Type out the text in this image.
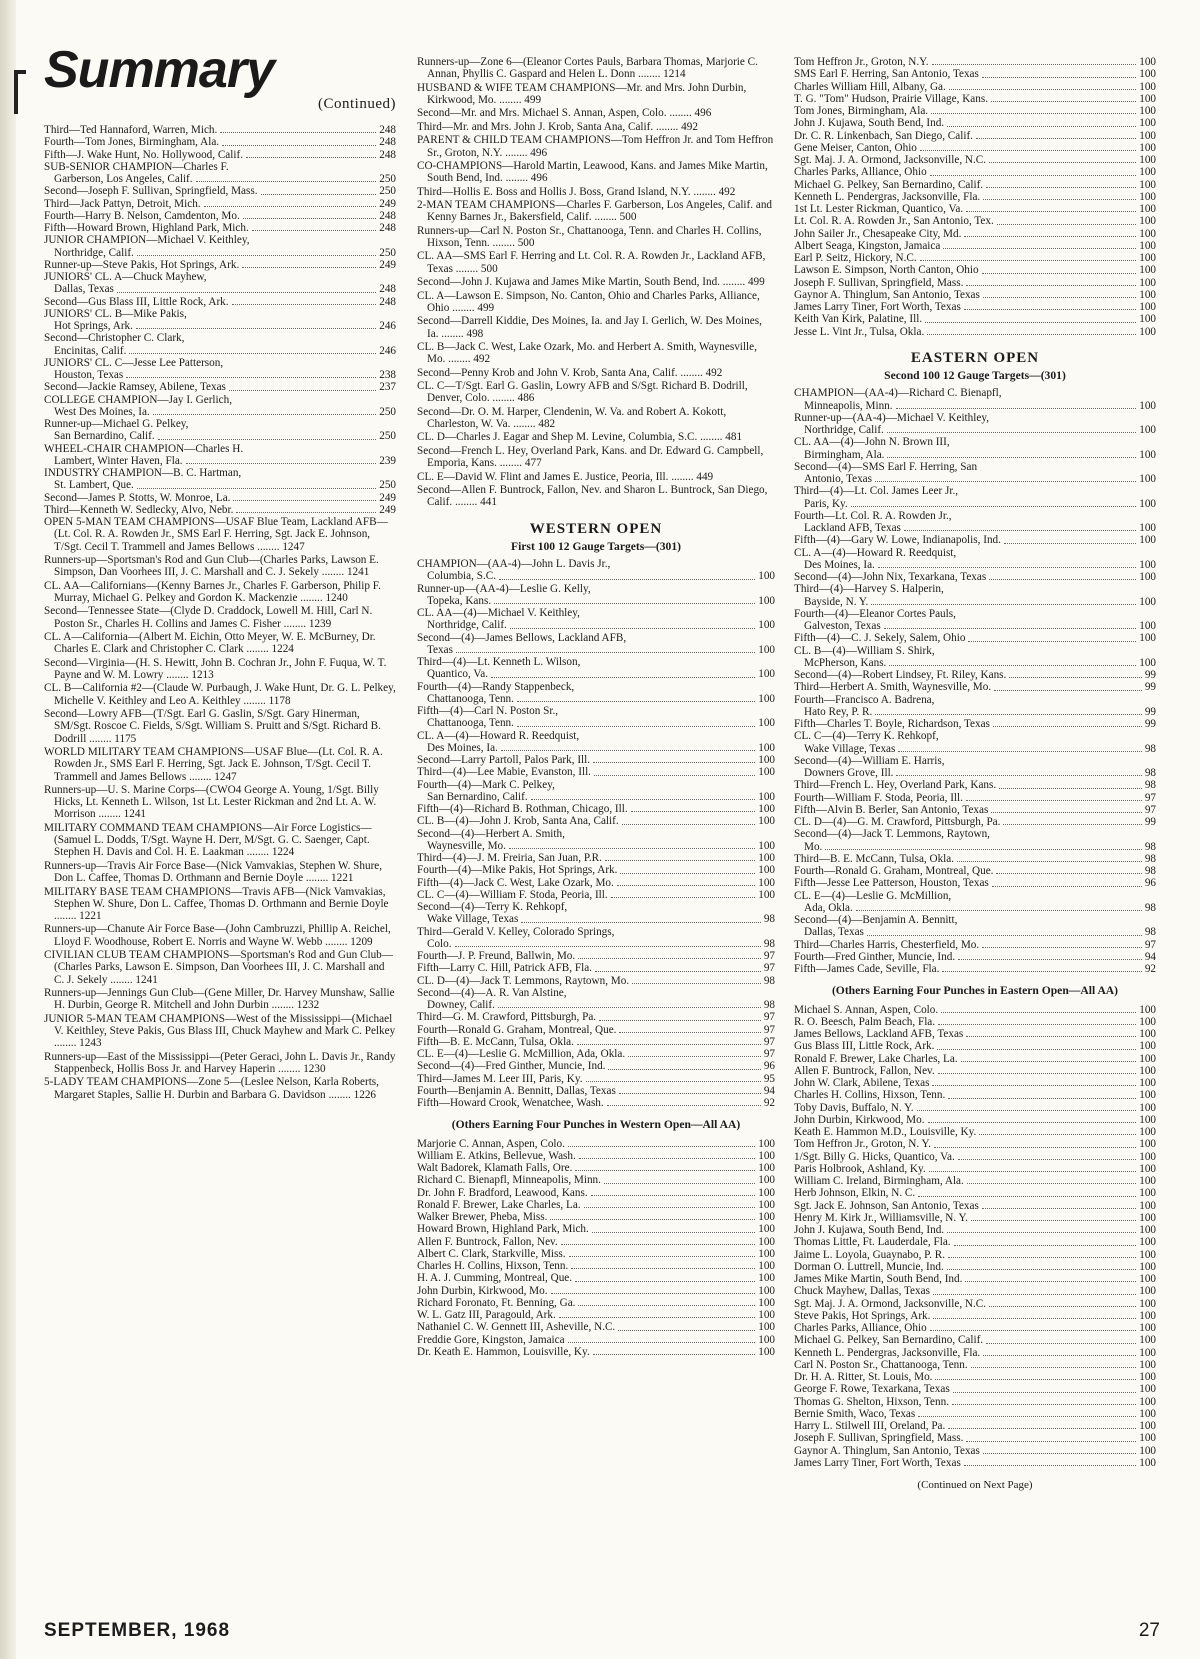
Summary
(Continued)
Third—Ted Hannaford, Warren, Mich.	248
Fourth—Tom Jones, Birmingham, Ala.	248
Fifth—J. Wake Hunt, No. Hollywood, Calif.	248
SUB-SENIOR CHAMPION—Charles F.
Garberson, Los Angeles, Calif.	250
Second—Joseph F. Sullivan, Springfield, Mass.	250
Third—Jack Pattyn, Detroit, Mich.	249
Fourth—Harry B. Nelson, Camdenton, Mo.	248
Fifth—Howard Brown, Highland Park, Mich.	248
JUNIOR CHAMPION—Michael V. Keithley,
Northridge, Calif.	250
Runner-up—Steve Pakis, Hot Springs, Ark.	249
JUNIORS' CL. A—Chuck Mayhew,
Dallas, Texas	248
Second—Gus Blass III, Little Rock, Ark.	248
JUNIORS' CL. B—Mike Pakis,
Hot Springs, Ark.	246
Second—Christopher C. Clark,
Encinitas, Calif.	246
JUNIORS' CL. C—Jesse Lee Patterson,
Houston, Texas	238
Second—Jackie Ramsey, Abilene, Texas	237
COLLEGE CHAMPION—Jay I. Gerlich,
West Des Moines, Ia.	250
Runner-up—Michael G. Pelkey,
San Bernardino, Calif.	250
WHEEL-CHAIR CHAMPION—Charles H.
Lambert, Winter Haven, Fla.	239
INDUSTRY CHAMPION—B. C. Hartman,
St. Lambert, Que.	250
Second—James P. Stotts, W. Monroe, La.	249
Third—Kenneth W. Sedlecky, Alvo, Nebr.	249

OPEN 5-MAN TEAM CHAMPIONS—USAF Blue Team, Lackland AFB—(Lt. Col. R. A. Rowden Jr., SMS Earl F. Herring, Sgt. Jack E. Johnson, T/Sgt. Cecil T. Trammell and James Bellows ........ 1247

Runners-up—Sportsman's Rod and Gun Club—(Charles Parks, Lawson E. Simpson, Dan Voorhees III, J. C. Marshall and C. J. Sekely ........ 1241

CL. AA—Californians—(Kenny Barnes Jr., Charles F. Garberson, Philip F. Murray, Michael G. Pelkey and Gordon K. Mackenzie ........ 1240

Second—Tennessee State—(Clyde D. Craddock, Lowell M. Hill, Carl N. Poston Sr., Charles H. Collins and James C. Fisher ........ 1239

CL. A—California—(Albert M. Eichin, Otto Meyer, W. E. McBurney, Dr. Charles E. Clark and Christopher C. Clark ........ 1224

Second—Virginia—(H. S. Hewitt, John B. Cochran Jr., John F. Fuqua, W. T. Payne and W. M. Lowry ........ 1213

CL. B—California #2—(Claude W. Purbaugh, J. Wake Hunt, Dr. G. L. Pelkey, Michelle V. Keithley and Leo A. Keithley ........ 1178

Second—Lowry AFB—(T/Sgt. Earl G. Gaslin, S/Sgt. Gary Hinerman, SM/Sgt. Roscoe C. Fields, S/Sgt. William S. Pruitt and S/Sgt. Richard B. Dodrill ........ 1175

WORLD MILITARY TEAM CHAMPIONS—USAF Blue—(Lt. Col. R. A. Rowden Jr., SMS Earl F. Herring, Sgt. Jack E. Johnson, T/Sgt. Cecil T. Trammell and James Bellows ........ 1247

Runners-up—U. S. Marine Corps—(CWO4 George A. Young, 1/Sgt. Billy Hicks, Lt. Kenneth L. Wilson, 1st Lt. Lester Rickman and 2nd Lt. A. W. Morrison ........ 1241

MILITARY COMMAND TEAM CHAMPIONS—Air Force Logistics—(Samuel L. Dodds, T/Sgt. Wayne H. Derr, M/Sgt. G. C. Saenger, Capt. Stephen H. Davis and Col. H. E. Laakman ........ 1224

Runners-up—Travis Air Force Base—(Nick Vamvakias, Stephen W. Shure, Don L. Caffee, Thomas D. Orthmann and Bernie Doyle ........ 1221

MILITARY BASE TEAM CHAMPIONS—Travis AFB—(Nick Vamvakias, Stephen W. Shure, Don L. Caffee, Thomas D. Orthmann and Bernie Doyle ........ 1221

Runners-up—Chanute Air Force Base—(John Cambruzzi, Phillip A. Reichel, Lloyd F. Woodhouse, Robert E. Norris and Wayne W. Webb ........ 1209

CIVILIAN CLUB TEAM CHAMPIONS—Sportsman's Rod and Gun Club—(Charles Parks, Lawson E. Simpson, Dan Voorhees III, J. C. Marshall and C. J. Sekely ........ 1241

Runners-up—Jennings Gun Club—(Gene Miller, Dr. Harvey Munshaw, Sallie H. Durbin, George R. Mitchell and John Durbin ........ 1232

JUNIOR 5-MAN TEAM CHAMPIONS—West of the Mississippi—(Michael V. Keithley, Steve Pakis, Gus Blass III, Chuck Mayhew and Mark C. Pelkey ........ 1243

Runners-up—East of the Mississippi—(Peter Geraci, John L. Davis Jr., Randy Stappenbeck, Hollis Boss Jr. and Harvey Haperin ........ 1230

5-LADY TEAM CHAMPIONS—Zone 5—(Leslee Nelson, Karla Roberts, Margaret Staples, Sallie H. Durbin and Barbara G. Davidson ........ 1226

Runners-up—Zone 6—(Eleanor Cortes Pauls, Barbara Thomas, Marjorie C. Annan, Phyllis C. Gaspard and Helen L. Donn ........ 1214

HUSBAND & WIFE TEAM CHAMPIONS—Mr. and Mrs. John Durbin, Kirkwood, Mo. ........ 499

Second—Mr. and Mrs. Michael S. Annan, Aspen, Colo. ........ 496

Third—Mr. and Mrs. John J. Krob, Santa Ana, Calif. ........ 492

PARENT & CHILD TEAM CHAMPIONS—Tom Heffron Jr. and Tom Heffron Sr., Groton, N.Y. ........ 496

CO-CHAMPIONS—Harold Martin, Leawood, Kans. and James Mike Martin, South Bend, Ind. ........ 496

Third—Hollis E. Boss and Hollis J. Boss, Grand Island, N.Y. ........ 492

2-MAN TEAM CHAMPIONS—Charles F. Garberson, Los Angeles, Calif. and Kenny Barnes Jr., Bakersfield, Calif. ........ 500

Runners-up—Carl N. Poston Sr., Chattanooga, Tenn. and Charles H. Collins, Hixson, Tenn. ........ 500

CL. AA—SMS Earl F. Herring and Lt. Col. R. A. Rowden Jr., Lackland AFB, Texas ........ 500

Second—John J. Kujawa and James Mike Martin, South Bend, Ind. ........ 499

CL. A—Lawson E. Simpson, No. Canton, Ohio and Charles Parks, Alliance, Ohio ........ 499

Second—Darrell Kiddie, Des Moines, Ia. and Jay I. Gerlich, W. Des Moines, Ia. ........ 498

CL. B—Jack C. West, Lake Ozark, Mo. and Herbert A. Smith, Waynesville, Mo. ........ 492

Second—Penny Krob and John V. Krob, Santa Ana, Calif. ........ 492

CL. C—T/Sgt. Earl G. Gaslin, Lowry AFB and S/Sgt. Richard B. Dodrill, Denver, Colo. ........ 486

Second—Dr. O. M. Harper, Clendenin, W. Va. and Robert A. Kokott, Charleston, W. Va. ........ 482

CL. D—Charles J. Eagar and Shep M. Levine, Columbia, S.C. ........ 481

Second—French L. Hey, Overland Park, Kans. and Dr. Edward G. Campbell, Emporia, Kans. ........ 477

CL. E—David W. Flint and James E. Justice, Peoria, Ill. ........ 449

Second—Allen F. Buntrock, Fallon, Nev. and Sharon L. Buntrock, San Diego, Calif. ........ 441

WESTERN OPEN
First 100 12 Gauge Targets—(301)
CHAMPION—(AA-4)—John L. Davis Jr.,
Columbia, S.C.	100
Runner-up—(AA-4)—Leslie G. Kelly,
Topeka, Kans.	100
CL. AA—(4)—Michael V. Keithley,
Northridge, Calif.	100
Second—(4)—James Bellows, Lackland AFB,
Texas	100
Third—(4)—Lt. Kenneth L. Wilson,
Quantico, Va.	100
Fourth—(4)—Randy Stappenbeck,
Chattanooga, Tenn.	100
Fifth—(4)—Carl N. Poston Sr.,
Chattanooga, Tenn.	100
CL. A—(4)—Howard R. Reedquist,
Des Moines, Ia.	100
Second—Larry Partoll, Palos Park, Ill.	100
Third—(4)—Lee Mabie, Evanston, Ill.	100
Fourth—(4)—Mark C. Pelkey,
San Bernardino, Calif.	100
Fifth—(4)—Richard B. Rothman, Chicago, Ill.	100
CL. B—(4)—John J. Krob, Santa Ana, Calif.	100
Second—(4)—Herbert A. Smith,
Waynesville, Mo.	100
Third—(4)—J. M. Freiria, San Juan, P.R.	100
Fourth—(4)—Mike Pakis, Hot Springs, Ark.	100
Fifth—(4)—Jack C. West, Lake Ozark, Mo.	100
CL. C—(4)—William F. Stoda, Peoria, Ill.	100
Second—(4)—Terry K. Rehkopf,
Wake Village, Texas	98
Third—Gerald V. Kelley, Colorado Springs,
Colo.	98
Fourth—J. P. Freund, Ballwin, Mo.	97
Fifth—Larry C. Hill, Patrick AFB, Fla.	97
CL. D—(4)—Jack T. Lemmons, Raytown, Mo.	98
Second—(4)—A. R. Van Alstine,
Downey, Calif.	98
Third—G. M. Crawford, Pittsburgh, Pa.	97
Fourth—Ronald G. Graham, Montreal, Que.	97
Fifth—B. E. McCann, Tulsa, Okla.	97
CL. E—(4)—Leslie G. McMillion, Ada, Okla.	97
Second—(4)—Fred Ginther, Muncie, Ind.	96
Third—James M. Leer III, Paris, Ky.	95
Fourth—Benjamin A. Bennitt, Dallas, Texas	94
Fifth—Howard Crook, Wenatchee, Wash.	92
(Others Earning Four Punches in Western Open—All AA)
Marjorie C. Annan, Aspen, Colo.	100
William E. Atkins, Bellevue, Wash.	100
Walt Badorek, Klamath Falls, Ore.	100
Richard C. Bienapfl, Minneapolis, Minn.	100
Dr. John F. Bradford, Leawood, Kans.	100
Ronald F. Brewer, Lake Charles, La.	100
Walker Brewer, Pheba, Miss.	100
Howard Brown, Highland Park, Mich.	100
Allen F. Buntrock, Fallon, Nev.	100
Albert C. Clark, Starkville, Miss.	100
Charles H. Collins, Hixson, Tenn.	100
H. A. J. Cumming, Montreal, Que.	100
John Durbin, Kirkwood, Mo.	100
Richard Foronato, Ft. Benning, Ga.	100
W. L. Gatz III, Paragould, Ark.	100
Nathaniel C. W. Gennett III, Asheville, N.C.	100
Freddie Gore, Kingston, Jamaica	100
Dr. Keath E. Hammon, Louisville, Ky.	100
Tom Heffron Jr., Groton, N.Y.	100
SMS Earl F. Herring, San Antonio, Texas	100
Charles William Hill, Albany, Ga.	100
T. G. "Tom" Hudson, Prairie Village, Kans.	100
Tom Jones, Birmingham, Ala.	100
John J. Kujawa, South Bend, Ind.	100
Dr. C. R. Linkenbach, San Diego, Calif.	100
Gene Meiser, Canton, Ohio	100
Sgt. Maj. J. A. Ormond, Jacksonville, N.C.	100
Charles Parks, Alliance, Ohio	100
Michael G. Pelkey, San Bernardino, Calif.	100
Kenneth L. Pendergras, Jacksonville, Fla.	100
1st Lt. Lester Rickman, Quantico, Va.	100
Lt. Col. R. A. Rowden Jr., San Antonio, Tex.	100
John Sailer Jr., Chesapeake City, Md.	100
Albert Seaga, Kingston, Jamaica	100
Earl P. Seitz, Hickory, N.C.	100
Lawson E. Simpson, North Canton, Ohio	100
Joseph F. Sullivan, Springfield, Mass.	100
Gaynor A. Thinglum, San Antonio, Texas	100
James Larry Tiner, Fort Worth, Texas	100
Keith Van Kirk, Palatine, Ill.	100
Jesse L. Vint Jr., Tulsa, Okla.	100
EASTERN OPEN
Second 100 12 Gauge Targets—(301)
CHAMPION—(AA-4)—Richard C. Bienapfl,
Minneapolis, Minn.	100
Runner-up—(AA-4)—Michael V. Keithley,
Northridge, Calif.	100
CL. AA—(4)—John N. Brown III,
Birmingham, Ala.	100
Second—(4)—SMS Earl F. Herring, San
Antonio, Texas	100
Third—(4)—Lt. Col. James Leer Jr.,
Paris, Ky.	100
Fourth—Lt. Col. R. A. Rowden Jr.,
Lackland AFB, Texas	100
Fifth—(4)—Gary W. Lowe, Indianapolis, Ind.	100
CL. A—(4)—Howard R. Reedquist,
Des Moines, Ia.	100
Second—(4)—John Nix, Texarkana, Texas	100
Third—(4)—Harvey S. Halperin,
Bayside, N. Y.	100
Fourth—(4)—Eleanor Cortes Pauls,
Galveston, Texas	100
Fifth—(4)—C. J. Sekely, Salem, Ohio	100
CL. B—(4)—William S. Shirk,
McPherson, Kans.	100
Second—(4)—Robert Lindsey, Ft. Riley, Kans.	99
Third—Herbert A. Smith, Waynesville, Mo.	99
Fourth—Francisco A. Badrena,
Hato Rey, P. R.	99
Fifth—Charles T. Boyle, Richardson, Texas	99
CL. C—(4)—Terry K. Rehkopf,
Wake Village, Texas	98
Second—(4)—William E. Harris,
Downers Grove, Ill.	98
Third—French L. Hey, Overland Park, Kans.	98
Fourth—William F. Stoda, Peoria, Ill.	97
Fifth—Alvin B. Berler, San Antonio, Texas	97
CL. D—(4)—G. M. Crawford, Pittsburgh, Pa.	99
Second—(4)—Jack T. Lemmons, Raytown,
Mo.	98
Third—B. E. McCann, Tulsa, Okla.	98
Fourth—Ronald G. Graham, Montreal, Que.	98
Fifth—Jesse Lee Patterson, Houston, Texas	96
CL. E—(4)—Leslie G. McMillion,
Ada, Okla.	98
Second—(4)—Benjamin A. Bennitt,
Dallas, Texas	98
Third—Charles Harris, Chesterfield, Mo.	97
Fourth—Fred Ginther, Muncie, Ind.	94
Fifth—James Cade, Seville, Fla.	92
(Others Earning Four Punches in Eastern Open—All AA)
Michael S. Annan, Aspen, Colo.	100
R. O. Beesch, Palm Beach, Fla.	100
James Bellows, Lackland AFB, Texas	100
Gus Blass III, Little Rock, Ark.	100
Ronald F. Brewer, Lake Charles, La.	100
Allen F. Buntrock, Fallon, Nev.	100
John W. Clark, Abilene, Texas	100
Charles H. Collins, Hixson, Tenn.	100
Toby Davis, Buffalo, N. Y.	100
John Durbin, Kirkwood, Mo.	100
Keath E. Hammon M.D., Louisville, Ky.	100
Tom Heffron Jr., Groton, N. Y.	100
1/Sgt. Billy G. Hicks, Quantico, Va.	100
Paris Holbrook, Ashland, Ky.	100
William C. Ireland, Birmingham, Ala.	100
Herb Johnson, Elkin, N. C.	100
Sgt. Jack E. Johnson, San Antonio, Texas	100
Henry M. Kirk Jr., Williamsville, N. Y.	100
John J. Kujawa, South Bend, Ind.	100
Thomas Little, Ft. Lauderdale, Fla.	100
Jaime L. Loyola, Guaynabo, P. R.	100
Dorman O. Luttrell, Muncie, Ind.	100
James Mike Martin, South Bend, Ind.	100
Chuck Mayhew, Dallas, Texas	100
Sgt. Maj. J. A. Ormond, Jacksonville, N.C.	100
Steve Pakis, Hot Springs, Ark.	100
Charles Parks, Alliance, Ohio	100
Michael G. Pelkey, San Bernardino, Calif.	100
Kenneth L. Pendergras, Jacksonville, Fla.	100
Carl N. Poston Sr., Chattanooga, Tenn.	100
Dr. H. A. Ritter, St. Louis, Mo.	100
George F. Rowe, Texarkana, Texas	100
Thomas G. Shelton, Hixson, Tenn.	100
Bernie Smith, Waco, Texas	100
Harry L. Stilwell III, Oreland, Pa.	100
Joseph F. Sullivan, Springfield, Mass.	100
Gaynor A. Thinglum, San Antonio, Texas	100
James Larry Tiner, Fort Worth, Texas	100
(Continued on Next Page)
SEPTEMBER, 1968	27
